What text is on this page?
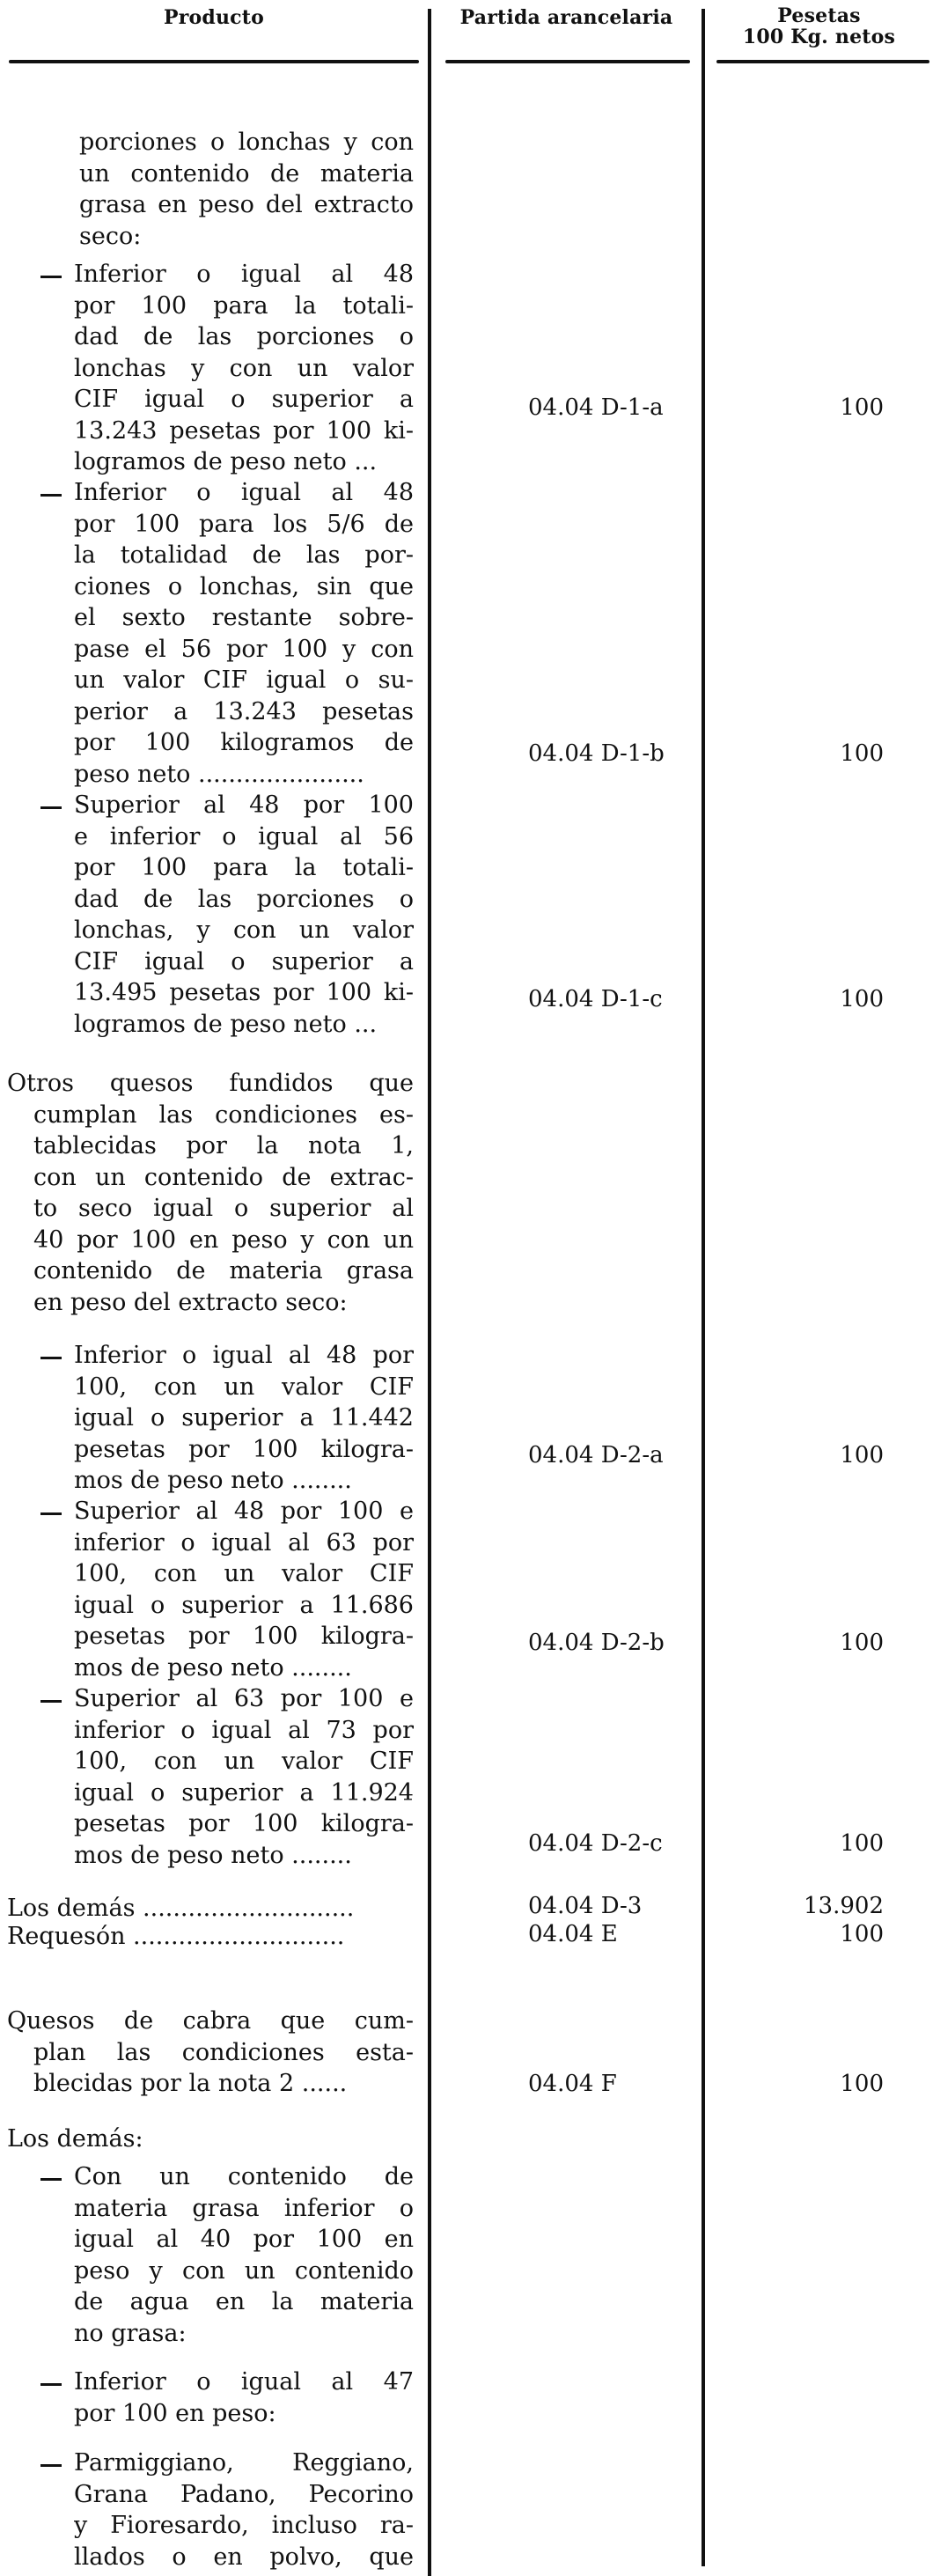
Producto	Partida arancelaria	Pesetas
100 Kg. netos
porciones o lonchas y con
un contenido de materia
grasa en peso del extracto
seco:
Inferior o igual al 48
por 100 para la totali-
dad de las porciones o
lonchas y con un valor
CIF igual o superior a
13.243 pesetas por 100 ki-
logramos de peso neto ...
04.04 D-1-a	100
Inferior o igual al 48
por 100 para los 5/6 de
la totalidad de las por-
ciones o lonchas, sin que
el sexto restante sobre-
pase el 56 por 100 y con
un valor CIF igual o su-
perior a 13.243 pesetas
por 100 kilogramos de
peso neto ......................
04.04 D-1-b	100
Superior al 48 por 100
e inferior o igual al 56
por 100 para la totali-
dad de las porciones o
lonchas, y con un valor
CIF igual o superior a
13.495 pesetas por 100 ki-
logramos de peso neto ...
04.04 D-1-c	100
Otros quesos fundidos que
cumplan las condiciones es-
tablecidas por la nota 1,
con un contenido de extrac-
to seco igual o superior al
40 por 100 en peso y con un
contenido de materia grasa
en peso del extracto seco:
Inferior o igual al 48 por
100, con un valor CIF
igual o superior a 11.442
pesetas por 100 kilogra-
mos de peso neto ........
04.04 D-2-a	100
Superior al 48 por 100 e
inferior o igual al 63 por
100, con un valor CIF
igual o superior a 11.686
pesetas por 100 kilogra-
mos de peso neto ........
04.04 D-2-b	100
Superior al 63 por 100 e
inferior o igual al 73 por
100, con un valor CIF
igual o superior a 11.924
pesetas por 100 kilogra-
mos de peso neto ........	04.04 D-2-c	100
Los demás ............................	04.04 D-3	13.902
Requesón ............................	04.04 E	100
Quesos de cabra que cum-
plan las condiciones esta-
blecidas por la nota 2 ......	04.04 F	100
Los demás:
Con un contenido de
materia grasa inferior o
igual al 40 por 100 en
peso y con un contenido
de agua en la materia
no grasa:
Inferior o igual al 47
por 100 en peso:
Parmiggiano, Reggiano,
Grana Padano, Pecorino
y Fioresardo, incluso ra-
llados o en polvo, que
